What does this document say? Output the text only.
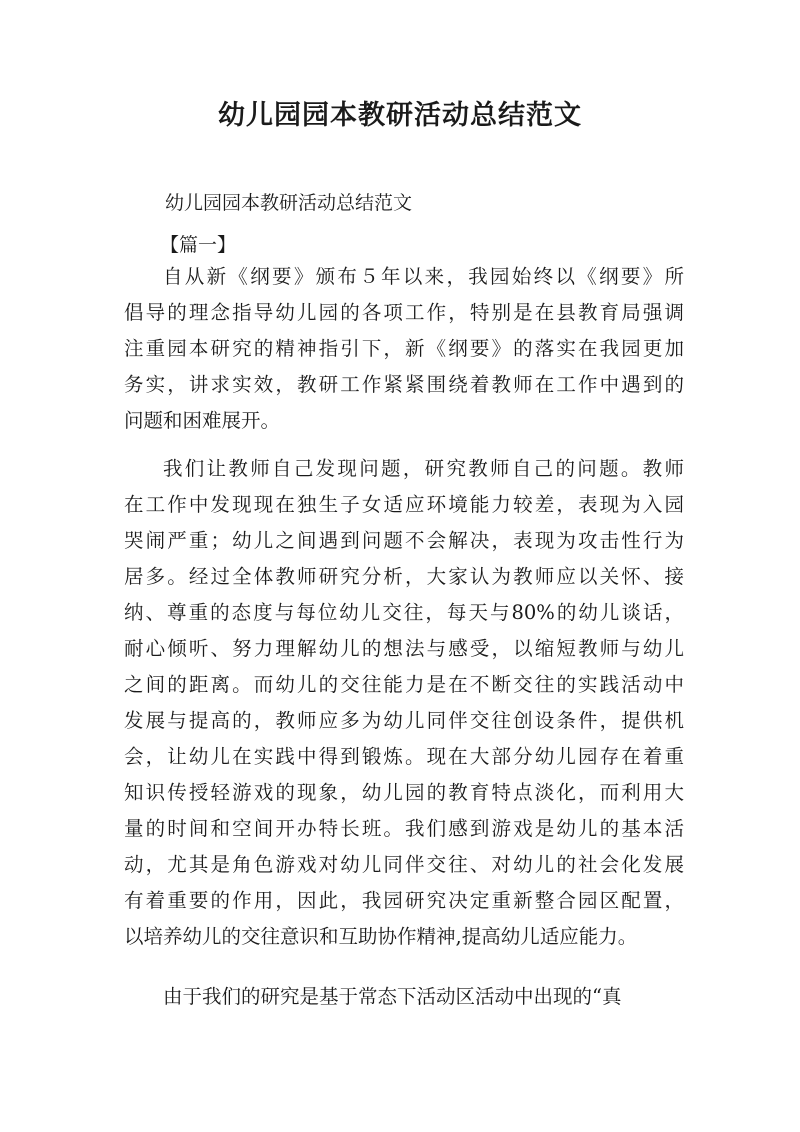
幼儿园园本教研活动总结范文
幼儿园园本教研活动总结范文
【篇一】
自从新《纲要》颁布５年以来，我园始终以《纲要》所
倡导的理念指导幼儿园的各项工作，特别是在县教育局强调
注重园本研究的精神指引下，新《纲要》的落实在我园更加
务实，讲求实效，教研工作紧紧围绕着教师在工作中遇到的
问题和困难展开。
我们让教师自己发现问题，研究教师自己的问题。教师
在工作中发现现在独生子女适应环境能力较差，表现为入园
哭闹严重；幼儿之间遇到问题不会解决，表现为攻击性行为
居多。经过全体教师研究分析，大家认为教师应以关怀、接
纳、尊重的态度与每位幼儿交往，每天与80%的幼儿谈话，
耐心倾听、努力理解幼儿的想法与感受，以缩短教师与幼儿
之间的距离。而幼儿的交往能力是在不断交往的实践活动中
发展与提高的，教师应多为幼儿同伴交往创设条件，提供机
会，让幼儿在实践中得到锻炼。现在大部分幼儿园存在着重
知识传授轻游戏的现象，幼儿园的教育特点淡化，而利用大
量的时间和空间开办特长班。我们感到游戏是幼儿的基本活
动，尤其是角色游戏对幼儿同伴交往、对幼儿的社会化发展
有着重要的作用，因此，我园研究决定重新整合园区配置，
以培养幼儿的交往意识和互助协作精神,提高幼儿适应能力。
由于我们的研究是基于常态下活动区活动中出现的“真
